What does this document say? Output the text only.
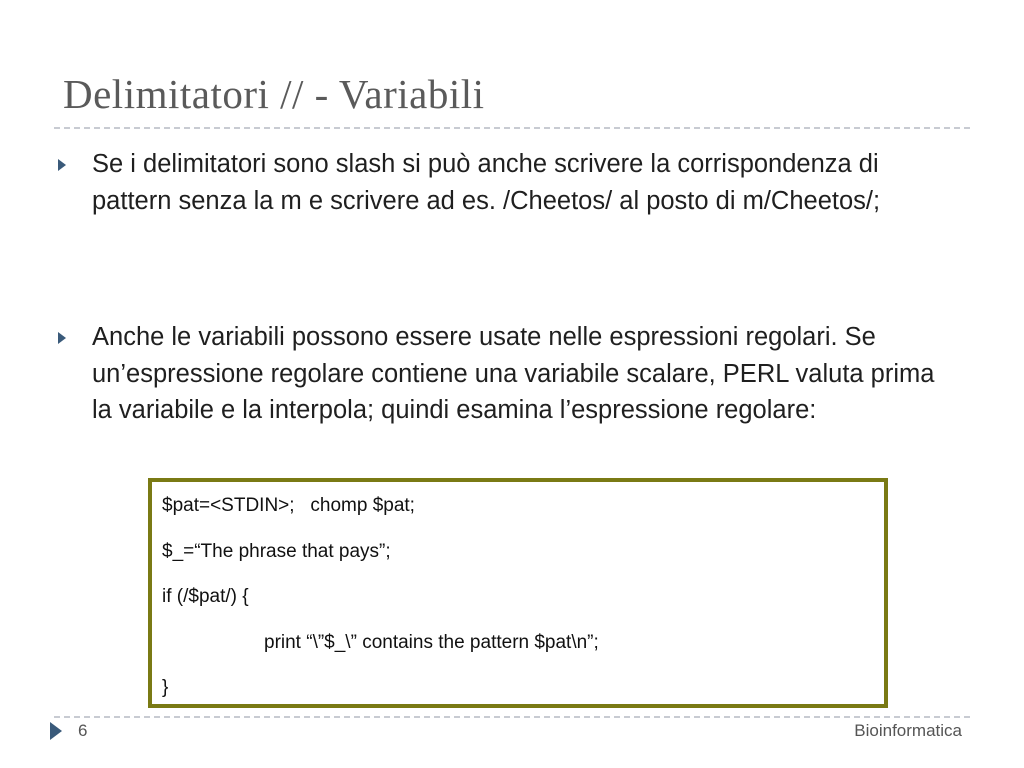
Delimitatori // - Variabili
Se i delimitatori sono slash si può anche scrivere la corrispondenza di pattern senza la m e scrivere ad es. /Cheetos/ al posto di m/Cheetos/;
Anche le variabili possono essere usate nelle espressioni regolari. Se un’espressione regolare contiene una variabile scalare, PERL valuta prima la variabile e la interpola; quindi esamina l’espressione regolare:
$pat=<STDIN>;   chomp $pat;
$_=“The phrase that pays”;
if (/$pat/) {
print “\”$_\” contains the pattern $pat\n”;
}
6	Bioinformatica
